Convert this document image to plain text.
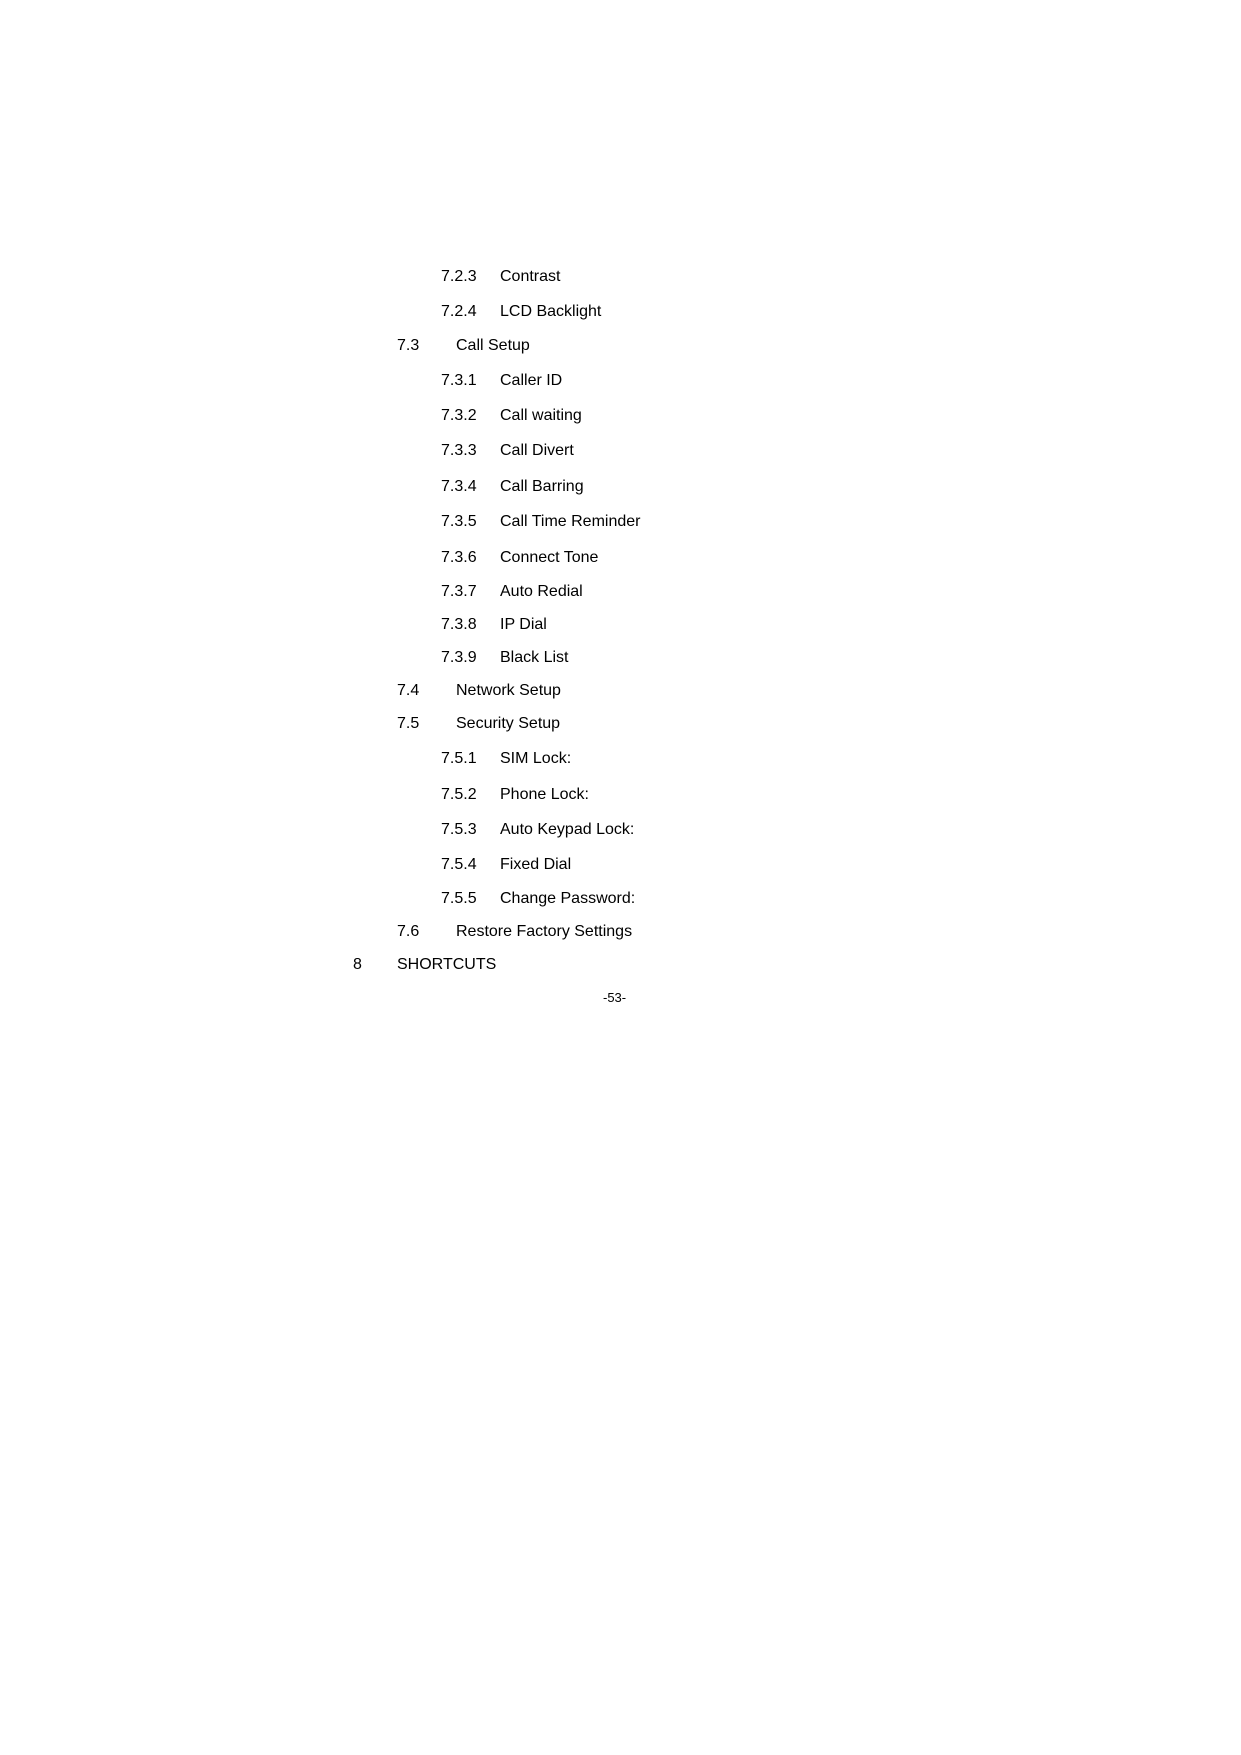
7.2.3 Contrast
7.2.4 LCD Backlight
7.3 Call Setup
7.3.1 Caller ID
7.3.2 Call waiting
7.3.3 Call Divert
7.3.4 Call Barring
7.3.5 Call Time Reminder
7.3.6 Connect Tone
7.3.7 Auto Redial
7.3.8 IP Dial
7.3.9 Black List
7.4 Network Setup
7.5 Security Setup
7.5.1 SIM Lock:
7.5.2 Phone Lock:
7.5.3 Auto Keypad Lock:
7.5.4 Fixed Dial
7.5.5 Change Password:
7.6 Restore Factory Settings
8 SHORTCUTS
-53-
